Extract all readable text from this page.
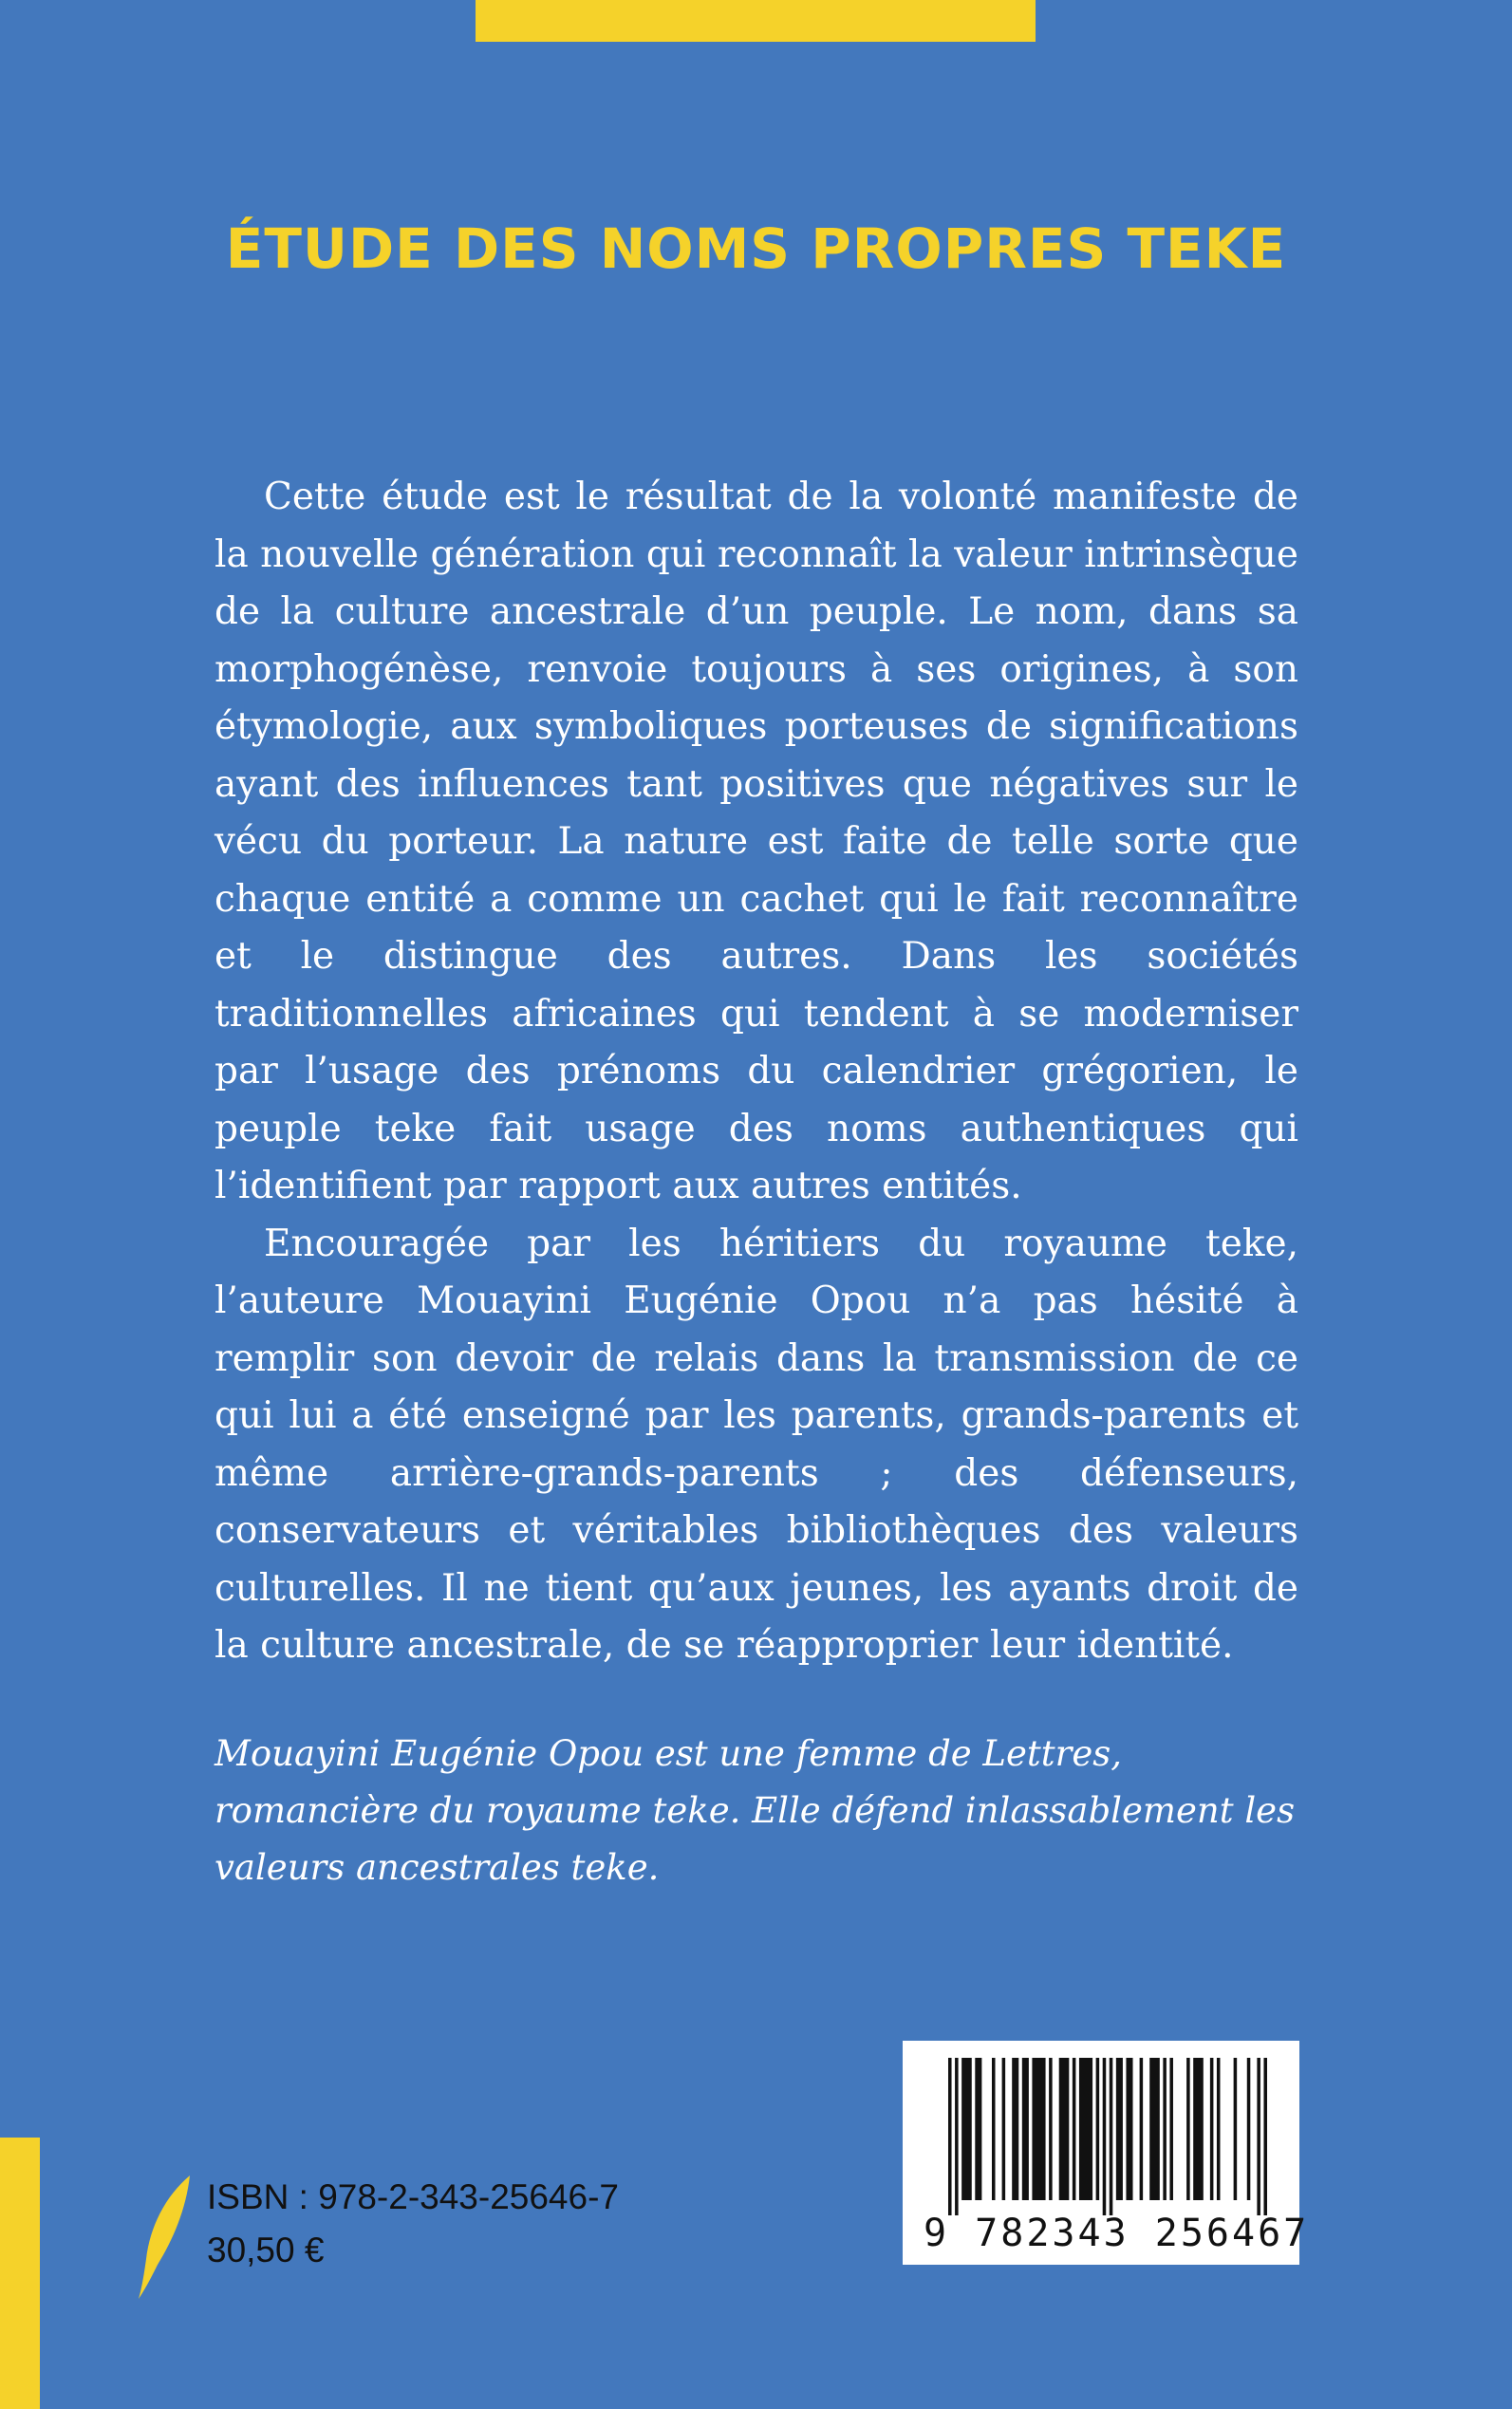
ÉTUDE DES NOMS PROPRES TEKE

Cette étude est le résultat de la volonté manifeste de la nouvelle génération qui reconnaît la valeur intrinsèque de la culture ancestrale d’un peuple. Le nom, dans sa morphogénèse, renvoie toujours à ses origines, à son étymologie, aux symboliques porteuses de significations ayant des influences tant positives que négatives sur le vécu du porteur. La nature est faite de telle sorte que chaque entité a comme un cachet qui le fait reconnaître et le distingue des autres. Dans les sociétés traditionnelles africaines qui tendent à se moderniser par l’usage des prénoms du calendrier grégorien, le peuple teke fait usage des noms authentiques qui l’identifient par rapport aux autres entités.

Encouragée par les héritiers du royaume teke, l’auteure Mouayini Eugénie Opou n’a pas hésité à remplir son devoir de relais dans la transmission de ce qui lui a été enseigné par les parents, grands-parents et même arrière-grands-parents ; des défenseurs, conservateurs et véritables bibliothèques des valeurs culturelles. Il ne tient qu’aux jeunes, les ayants droit de la culture ancestrale, de se réapproprier leur identité.

Mouayini Eugénie Opou est une femme de Lettres, romancière du royaume teke. Elle défend inlassablement les valeurs ancestrales teke.

ISBN : 978-2-343-25646-7
30,50 €	9 782343 256467
